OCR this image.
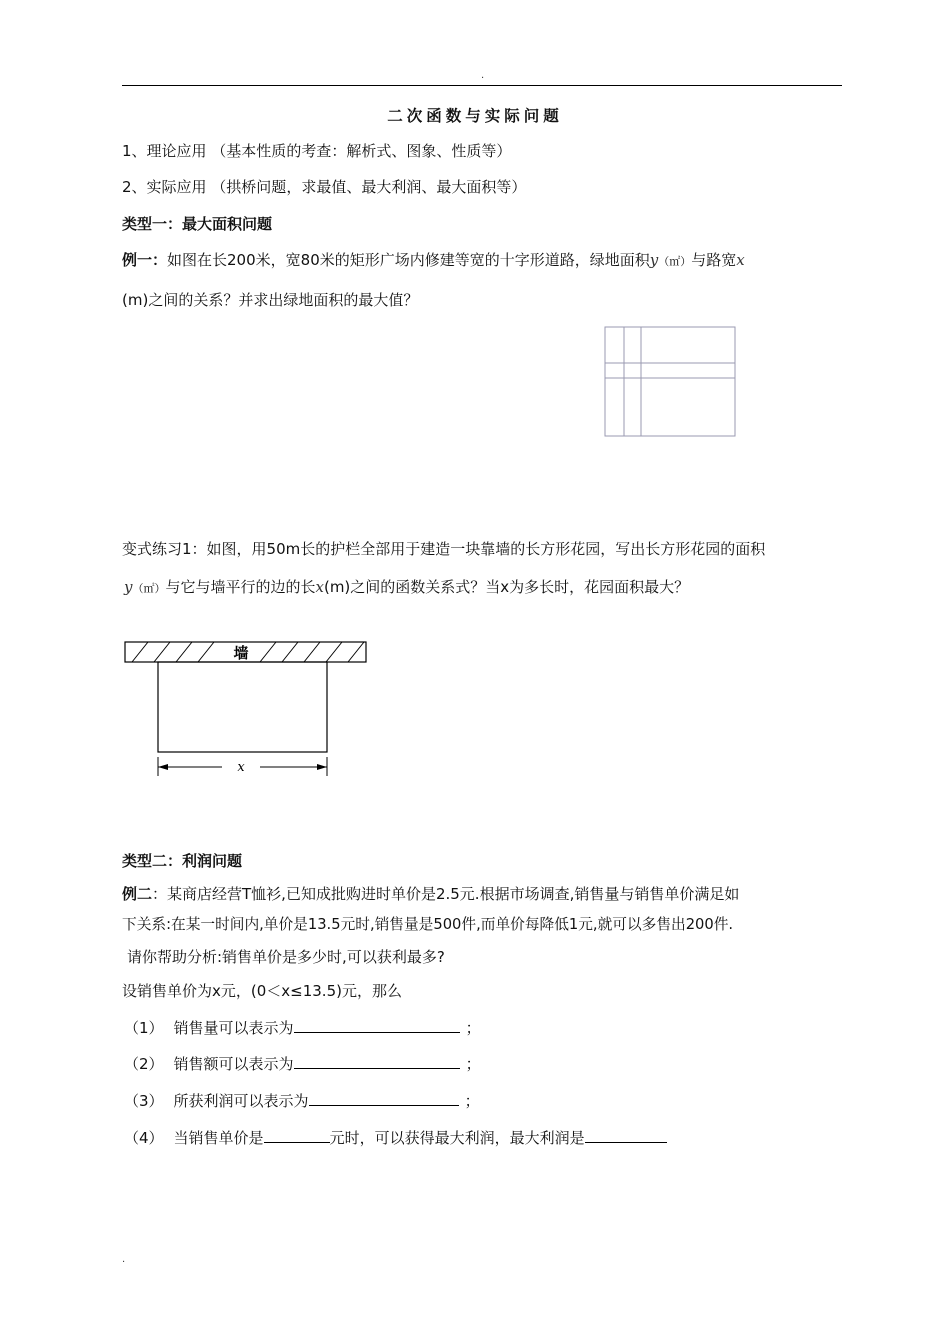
.
二次函数与实际问题
1、理论应用 （基本性质的考查：解析式、图象、性质等）
2、实际应用 （拱桥问题，求最值、最大利润、最大面积等）
类型一：最大面积问题
例一：如图在长200米，宽80米的矩形广场内修建等宽的十字形道路，绿地面积y（㎡）与路宽x
(m)之间的关系？并求出绿地面积的最大值？
变式练习1：如图，用50m长的护栏全部用于建造一块靠墙的长方形花园，写出长方形花园的面积
y（㎡）与它与墙平行的边的长x(m)之间的函数关系式？当x为多长时，花园面积最大？
墙
x
类型二：利润问题
例二：某商店经营T恤衫,已知成批购进时单价是2.5元.根据市场调查,销售量与销售单价满足如
下关系:在某一时间内,单价是13.5元时,销售量是500件,而单价每降低1元,就可以多售出200件.
请你帮助分析:销售单价是多少时,可以获利最多?
设销售单价为x元，(0＜x≤13.5)元，那么
（1） 销售量可以表示为	；
（2） 销售额可以表示为	；
（3） 所获利润可以表示为	；
（4） 当销售单价是	元时，可以获得最大利润，最大利润是
.
